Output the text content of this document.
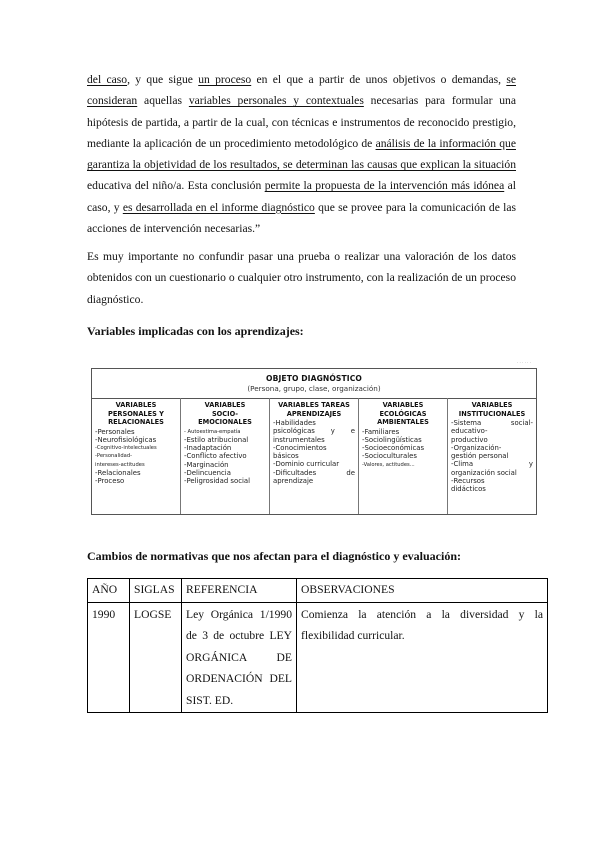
del caso, y que sigue un proceso en el que a partir de unos objetivos o demandas, se consideran aquellas variables personales y contextuales necesarias para formular una hipótesis de partida, a partir de la cual, con técnicas e instrumentos de reconocido prestigio, mediante la aplicación de un procedimiento metodológico de análisis de la información que garantiza la objetividad de los resultados, se determinan las causas que explican la situación educativa del niño/a. Esta conclusión permite la propuesta de la intervención más idónea al caso, y es desarrollada en el informe diagnóstico que se provee para la comunicación de las acciones de intervención necesarias.”

Es muy importante no confundir pasar una prueba o realizar una valoración de los datos obtenidos con un cuestionario o cualquier otro instrumento, con la realización de un proceso diagnóstico.

Variables implicadas con los aprendizajes:
· · · · · ·
OBJETO DIAGNÓSTICO
(Persona, grupo, clase, organización)
VARIABLES
PERSONALES Y
RELACIONALES
-Personales
-Neurofisiológicas
-Cognitivo-intelectuales
-Personalidad-
intereses-actitudes
-Relacionales
-Proceso
VARIABLES
SOCIO-
EMOCIONALES
- Autoestima-empatía
-Estilo atribucional
-Inadaptación
-Conflicto afectivo
-Marginación
-Delincuencia
-Peligrosidad social
VARIABLES TAREAS
APRENDIZAJES
-Habilidades
psicológicas y e
instrumentales
-Conocimientos
básicos
-Dominio curricular
-Dificultades de
aprendizaje
VARIABLES
ECOLÓGICAS
AMBIENTALES
-Familiares
-Sociolingüísticas
-Socioeconómicas
-Socioculturales
-Valores, actitudes...
VARIABLES
INSTITUCIONALES
-Sistema social-
educativo-
productivo
-Organización-
gestión personal
-Clima y
organización social
-Recursos
didácticos
Cambios de normativas que nos afectan para el diagnóstico y evaluación:
AÑO	SIGLAS	REFERENCIA	OBSERVACIONES
1990	LOGSE	Ley Orgánica 1/1990
de 3 de octubre LEY
ORGÁNICA DE
ORDENACIÓN DEL
SIST. ED.	Comienza la atención a la diversidad y la flexibilidad curricular.
